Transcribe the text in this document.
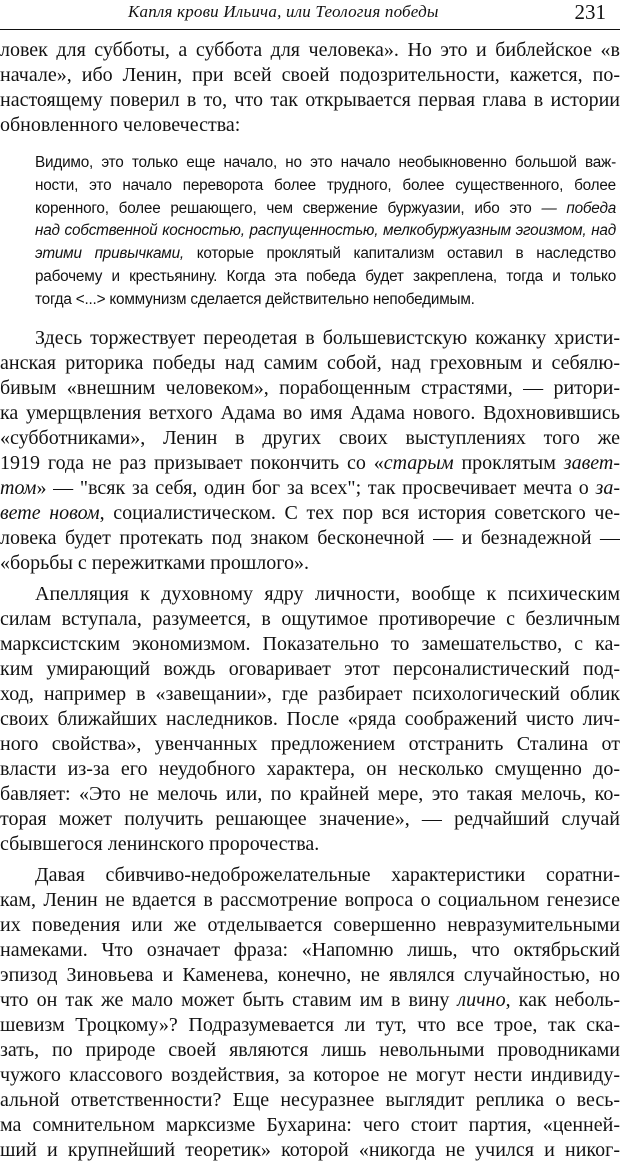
Капля крови Ильича, или Теология победы	231
ловек для субботы, а суббота для человека». Но это и библейское «в
начале», ибо Ленин, при всей своей подозрительности, кажется, по-
настоящему поверил в то, что так открывается первая глава в истории
обновленного человечества:
Видимо, это только еще начало, но это начало необыкновенно большой важ-
ности, это начало переворота более трудного, более существенного, более
коренного, более решающего, чем свержение буржуазии, ибо это — победа
над собственной косностью, распущенностью, мелкобуржуазным эгоизмом, над
этими привычками, которые проклятый капитализм оставил в наследство
рабочему и крестьянину. Когда эта победа будет закреплена, тогда и только
тогда <...> коммунизм сделается действительно непобедимым.
Здесь торжествует переодетая в большевистскую кожанку христи-
анская риторика победы над самим собой, над греховным и себялю-
бивым «внешним человеком», порабощенным страстями, — ритори-
ка умерщвления ветхого Адама во имя Адама нового. Вдохновившись
«субботниками», Ленин в других своих выступлениях того же
1919 года не раз призывает покончить со «старым проклятым завет-
том» — "всяк за себя, один бог за всех"; так просвечивает мечта о за-
вете новом, социалистическом. С тех пор вся история советского че-
ловека будет протекать под знаком бесконечной — и безнадежной —
«борьбы с пережитками прошлого».
Апелляция к духовному ядру личности, вообще к психическим
силам вступала, разумеется, в ощутимое противоречие с безличным
марксистским экономизмом. Показательно то замешательство, с ка-
ким умирающий вождь оговаривает этот персоналистический под-
ход, например в «завещании», где разбирает психологический облик
своих ближайших наследников. После «ряда соображений чисто лич-
ного свойства», увенчанных предложением отстранить Сталина от
власти из-за его неудобного характера, он несколько смущенно до-
бавляет: «Это не мелочь или, по крайней мере, это такая мелочь, ко-
торая может получить решающее значение», — редчайший случай
сбывшегося ленинского пророчества.
Давая сбивчиво-недоброжелательные характеристики соратни-
кам, Ленин не вдается в рассмотрение вопроса о социальном генезисе
их поведения или же отделывается совершенно невразумительными
намеками. Что означает фраза: «Напомню лишь, что октябрьский
эпизод Зиновьева и Каменева, конечно, не являлся случайностью, но
что он так же мало может быть ставим им в вину лично, как неболь-
шевизм Троцкому»? Подразумевается ли тут, что все трое, так ска-
зать, по природе своей являются лишь невольными проводниками
чужого классового воздействия, за которое не могут нести индивиду-
альной ответственности? Еще несуразнее выглядит реплика о весь-
ма сомнительном марксизме Бухарина: чего стоит партия, «ценней-
ший и крупнейший теоретик» которой «никогда не учился и никог-
